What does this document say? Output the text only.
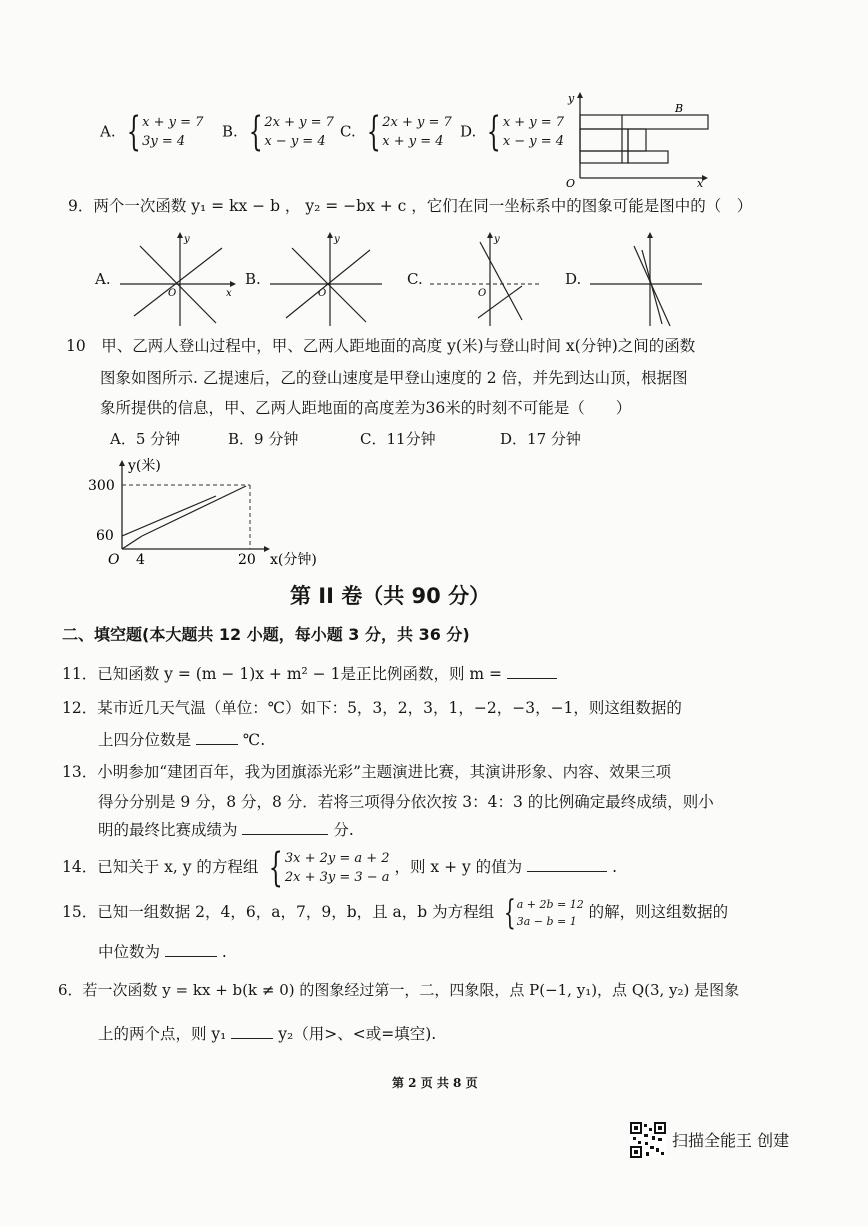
A. { x + y = 7
3y = 4
B. { 2x + y = 7
x − y = 4
C. { 2x + y = 7
x + y = 4
D. { x + y = 7
x − y = 4
y
x
O
B
9．两个一次函数 y₁ = kx − b ， y₂ = −bx + c ，它们在同一坐标系中的图象可能是图中的（　）
A.
y
x
O
B.
y
O
C.
y
O
D.
10　甲、乙两人登山过程中，甲、乙两人距地面的高度 y(米)与登山时间 x(分钟)之间的函数
图象如图所示. 乙提速后，乙的登山速度是甲登山速度的 2 倍，并先到达山顶，根据图
象所提供的信息，甲、乙两人距地面的高度差为36米的时刻不可能是（　　）
A．5 分钟	B．9 分钟	C．11分钟	D．17 分钟
y(米)
x(分钟)
O
300
60
4	20
第 II 卷（共 90 分）
二、填空题(本大题共 12 小题，每小题 3 分，共 36 分)
11．已知函数 y = (m − 1)x + m² − 1是正比例函数，则 m =
12．某市近几天气温（单位：℃）如下：5，3，2，3，1，−2，−3，−1，则这组数据的
上四分位数是	℃.
13．小明参加“建团百年，我为团旗添光彩”主题演进比赛，其演讲形象、内容、效果三项
得分分别是 9 分，8 分，8 分．若将三项得分依次按 3：4：3 的比例确定最终成绩，则小
明的最终比赛成绩为	分.
14．已知关于 x, y 的方程组 { 3x + 2y = a + 2
2x + 3y = 3 − a
，则 x + y 的值为	.
15．已知一组数据 2，4，6，a，7，9，b，且 a，b 为方程组 { a + 2b = 12
3a − b = 1
的解，则这组数据的
中位数为	.
6．若一次函数 y = kx + b(k ≠ 0) 的图象经过第一，二，四象限，点 P(−1, y₁)，点 Q(3, y₂) 是图象
上的两个点，则 y₁	y₂（用>、<或=填空).
第 2 页 共 8 页
扫描全能王 创建
